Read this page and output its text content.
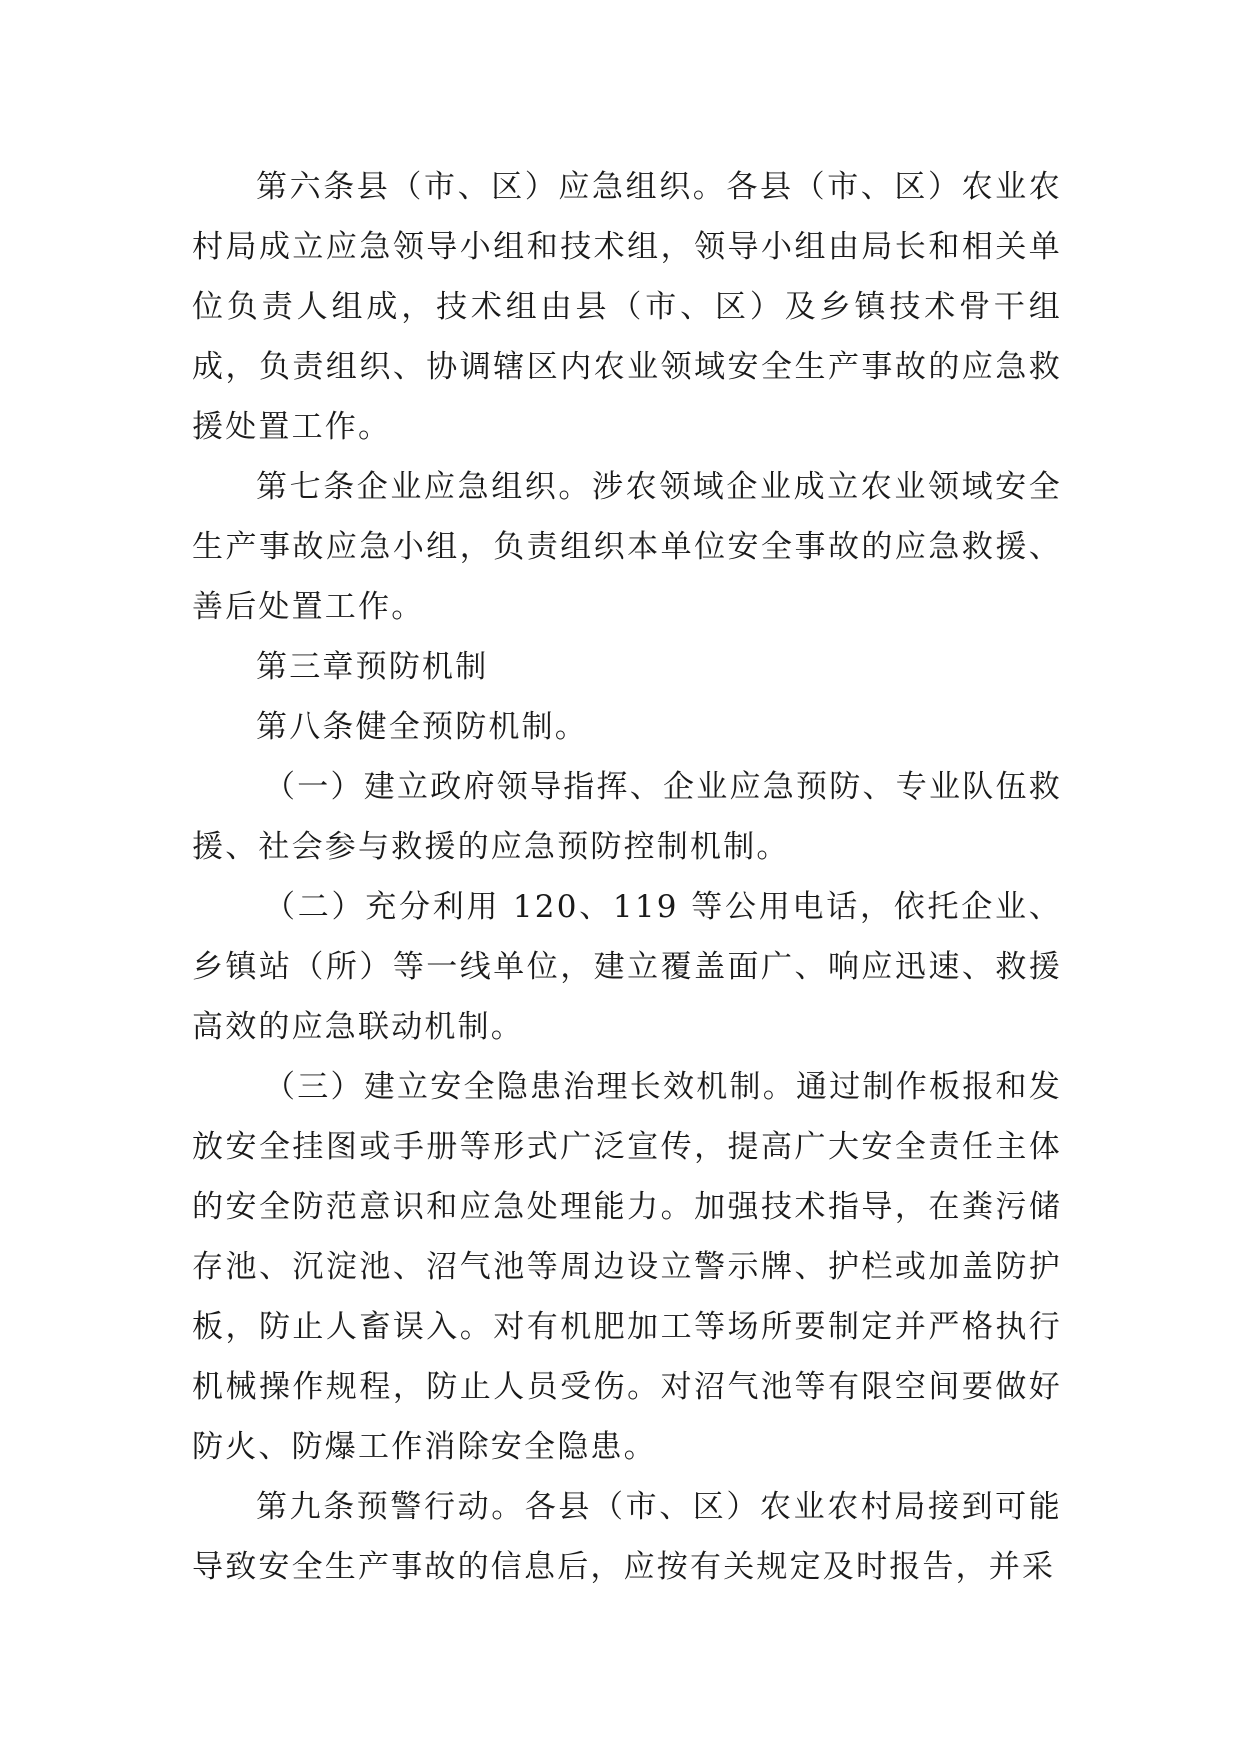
第六条县（市、区）应急组织。各县（市、区）农业农村局成立应急领导小组和技术组，领导小组由局长和相关单位负责人组成，技术组由县（市、区）及乡镇技术骨干组成，负责组织、协调辖区内农业领域安全生产事故的应急救援处置工作。

第七条企业应急组织。涉农领域企业成立农业领域安全生产事故应急小组，负责组织本单位安全事故的应急救援、善后处置工作。

第三章预防机制

第八条健全预防机制。

（一）建立政府领导指挥、企业应急预防、专业队伍救援、社会参与救援的应急预防控制机制。

（二）充分利用 120、119 等公用电话，依托企业、乡镇站（所）等一线单位，建立覆盖面广、响应迅速、救援高效的应急联动机制。

（三）建立安全隐患治理长效机制。通过制作板报和发放安全挂图或手册等形式广泛宣传，提高广大安全责任主体的安全防范意识和应急处理能力。加强技术指导，在粪污储存池、沉淀池、沼气池等周边设立警示牌、护栏或加盖防护板，防止人畜误入。对有机肥加工等场所要制定并严格执行机械操作规程，防止人员受伤。对沼气池等有限空间要做好防火、防爆工作消除安全隐患。

第九条预警行动。各县（市、区）农业农村局接到可能导致安全生产事故的信息后，应按有关规定及时报告，并采
